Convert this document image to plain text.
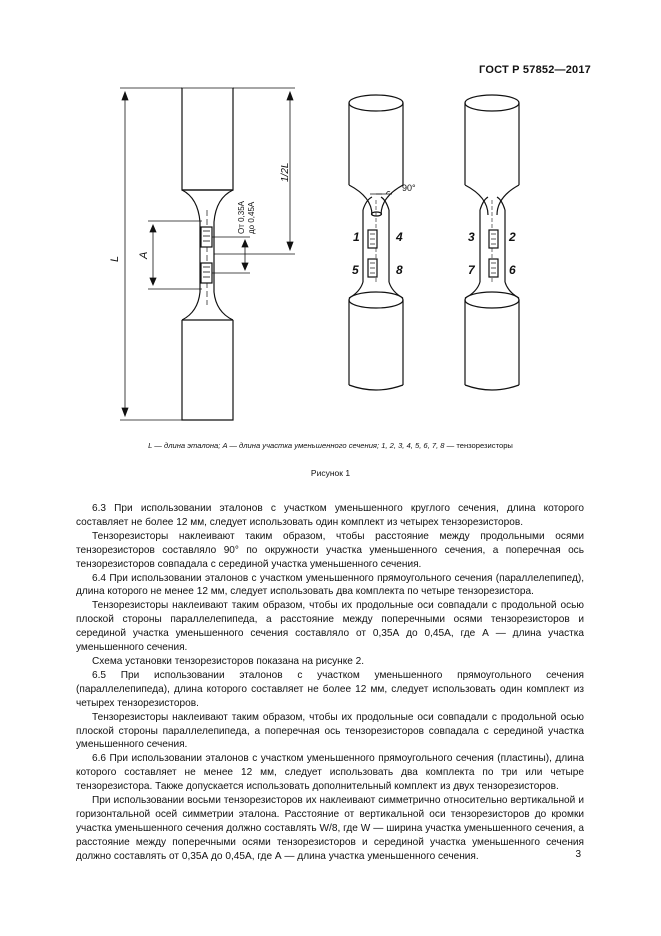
ГОСТ Р 57852—2017
L A
1/2L
От 0,35А до 0,45А
90°
1	4
5	8
3	2
7	6
L — длина эталона; A — длина участка уменьшенного сечения; 1, 2, 3, 4, 5, 6, 7, 8 — тензорезисторы
Рисунок 1

6.3 При использовании эталонов с участком уменьшенного круглого сечения, длина которого составляет не более 12 мм, следует использовать один комплект из четырех тензорезисторов.

Тензорезисторы наклеивают таким образом, чтобы расстояние между продольными осями тензорезисторов составляло 90° по окружности участка уменьшенного сечения, а поперечная ось тензорезисторов совпадала с серединой участка уменьшенного сечения.

6.4 При использовании эталонов с участком уменьшенного прямоугольного сечения (параллелепипед), длина которого не менее 12 мм, следует использовать два комплекта по четыре тензорезистора.

Тензорезисторы наклеивают таким образом, чтобы их продольные оси совпадали с продольной осью плоской стороны параллелепипеда, а расстояние между поперечными осями тензорезисторов и серединой участка уменьшенного сечения составляло от 0,35А до 0,45А, где А — длина участка уменьшенного сечения.

Схема установки тензорезисторов показана на рисунке 2.

6.5 При использовании эталонов с участком уменьшенного прямоугольного сечения (параллелепипеда), длина которого составляет не более 12 мм, следует использовать один комплект из четырех тензорезисторов.

Тензорезисторы наклеивают таким образом, чтобы их продольные оси совпадали с продольной осью плоской стороны параллелепипеда, а поперечная ось тензорезисторов совпадала с серединой участка уменьшенного сечения.

6.6 При использовании эталонов с участком уменьшенного прямоугольного сечения (пластины), длина которого составляет не менее 12 мм, следует использовать два комплекта по три или четыре тензорезистора. Также допускается использовать дополнительный комплект из двух тензорезисторов.

При использовании восьми тензорезисторов их наклеивают симметрично относительно вертикальной и горизонтальной осей симметрии эталона. Расстояние от вертикальной оси тензорезисторов до кромки участка уменьшенного сечения должно составлять W/8, где W — ширина участка уменьшенного сечения, а расстояние между поперечными осями тензорезисторов и серединой участка уменьшенного сечения должно составлять от 0,35А до 0,45А, где А — длина участка уменьшенного сечения.	3
